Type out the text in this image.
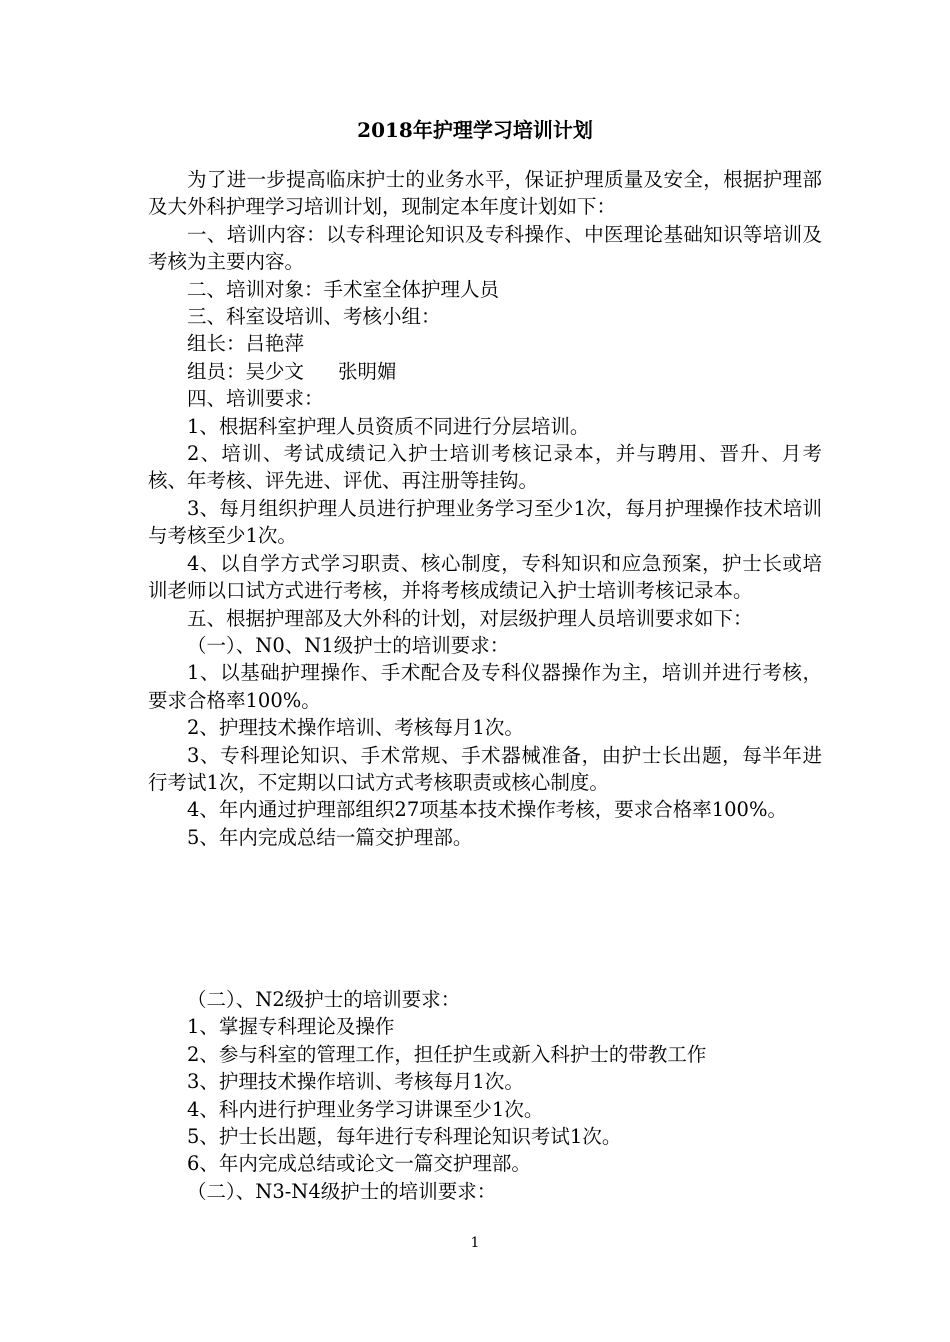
2018年护理学习培训计划

为了进一步提高临床护士的业务水平，保证护理质量及安全，根据护理部及大外科护理学习培训计划，现制定本年度计划如下：

一、培训内容：以专科理论知识及专科操作、中医理论基础知识等培训及考核为主要内容。

二、培训对象：手术室全体护理人员

三、科室设培训、考核小组：

组长：吕艳萍

组员：吴少文 张明媚

四、培训要求：

1、根据科室护理人员资质不同进行分层培训。

2、培训、考试成绩记入护士培训考核记录本，并与聘用、晋升、月考核、年考核、评先进、评优、再注册等挂钩。

3、每月组织护理人员进行护理业务学习至少1次，每月护理操作技术培训与考核至少1次。

4、以自学方式学习职责、核心制度，专科知识和应急预案，护士长或培训老师以口试方式进行考核，并将考核成绩记入护士培训考核记录本。

五、根据护理部及大外科的计划，对层级护理人员培训要求如下：

（一）、N0、N1级护士的培训要求：

1、以基础护理操作、手术配合及专科仪器操作为主，培训并进行考核，要求合格率100%。

2、护理技术操作培训、考核每月1次。

3、专科理论知识、手术常规、手术器械准备，由护士长出题，每半年进行考试1次，不定期以口试方式考核职责或核心制度。

4、年内通过护理部组织27项基本技术操作考核，要求合格率100%。

5、年内完成总结一篇交护理部。

（二）、N2级护士的培训要求：

1、掌握专科理论及操作

2、参与科室的管理工作，担任护生或新入科护士的带教工作

3、护理技术操作培训、考核每月1次。

4、科内进行护理业务学习讲课至少1次。

5、护士长出题，每年进行专科理论知识考试1次。

6、年内完成总结或论文一篇交护理部。

（二）、N3-N4级护士的培训要求：

1
